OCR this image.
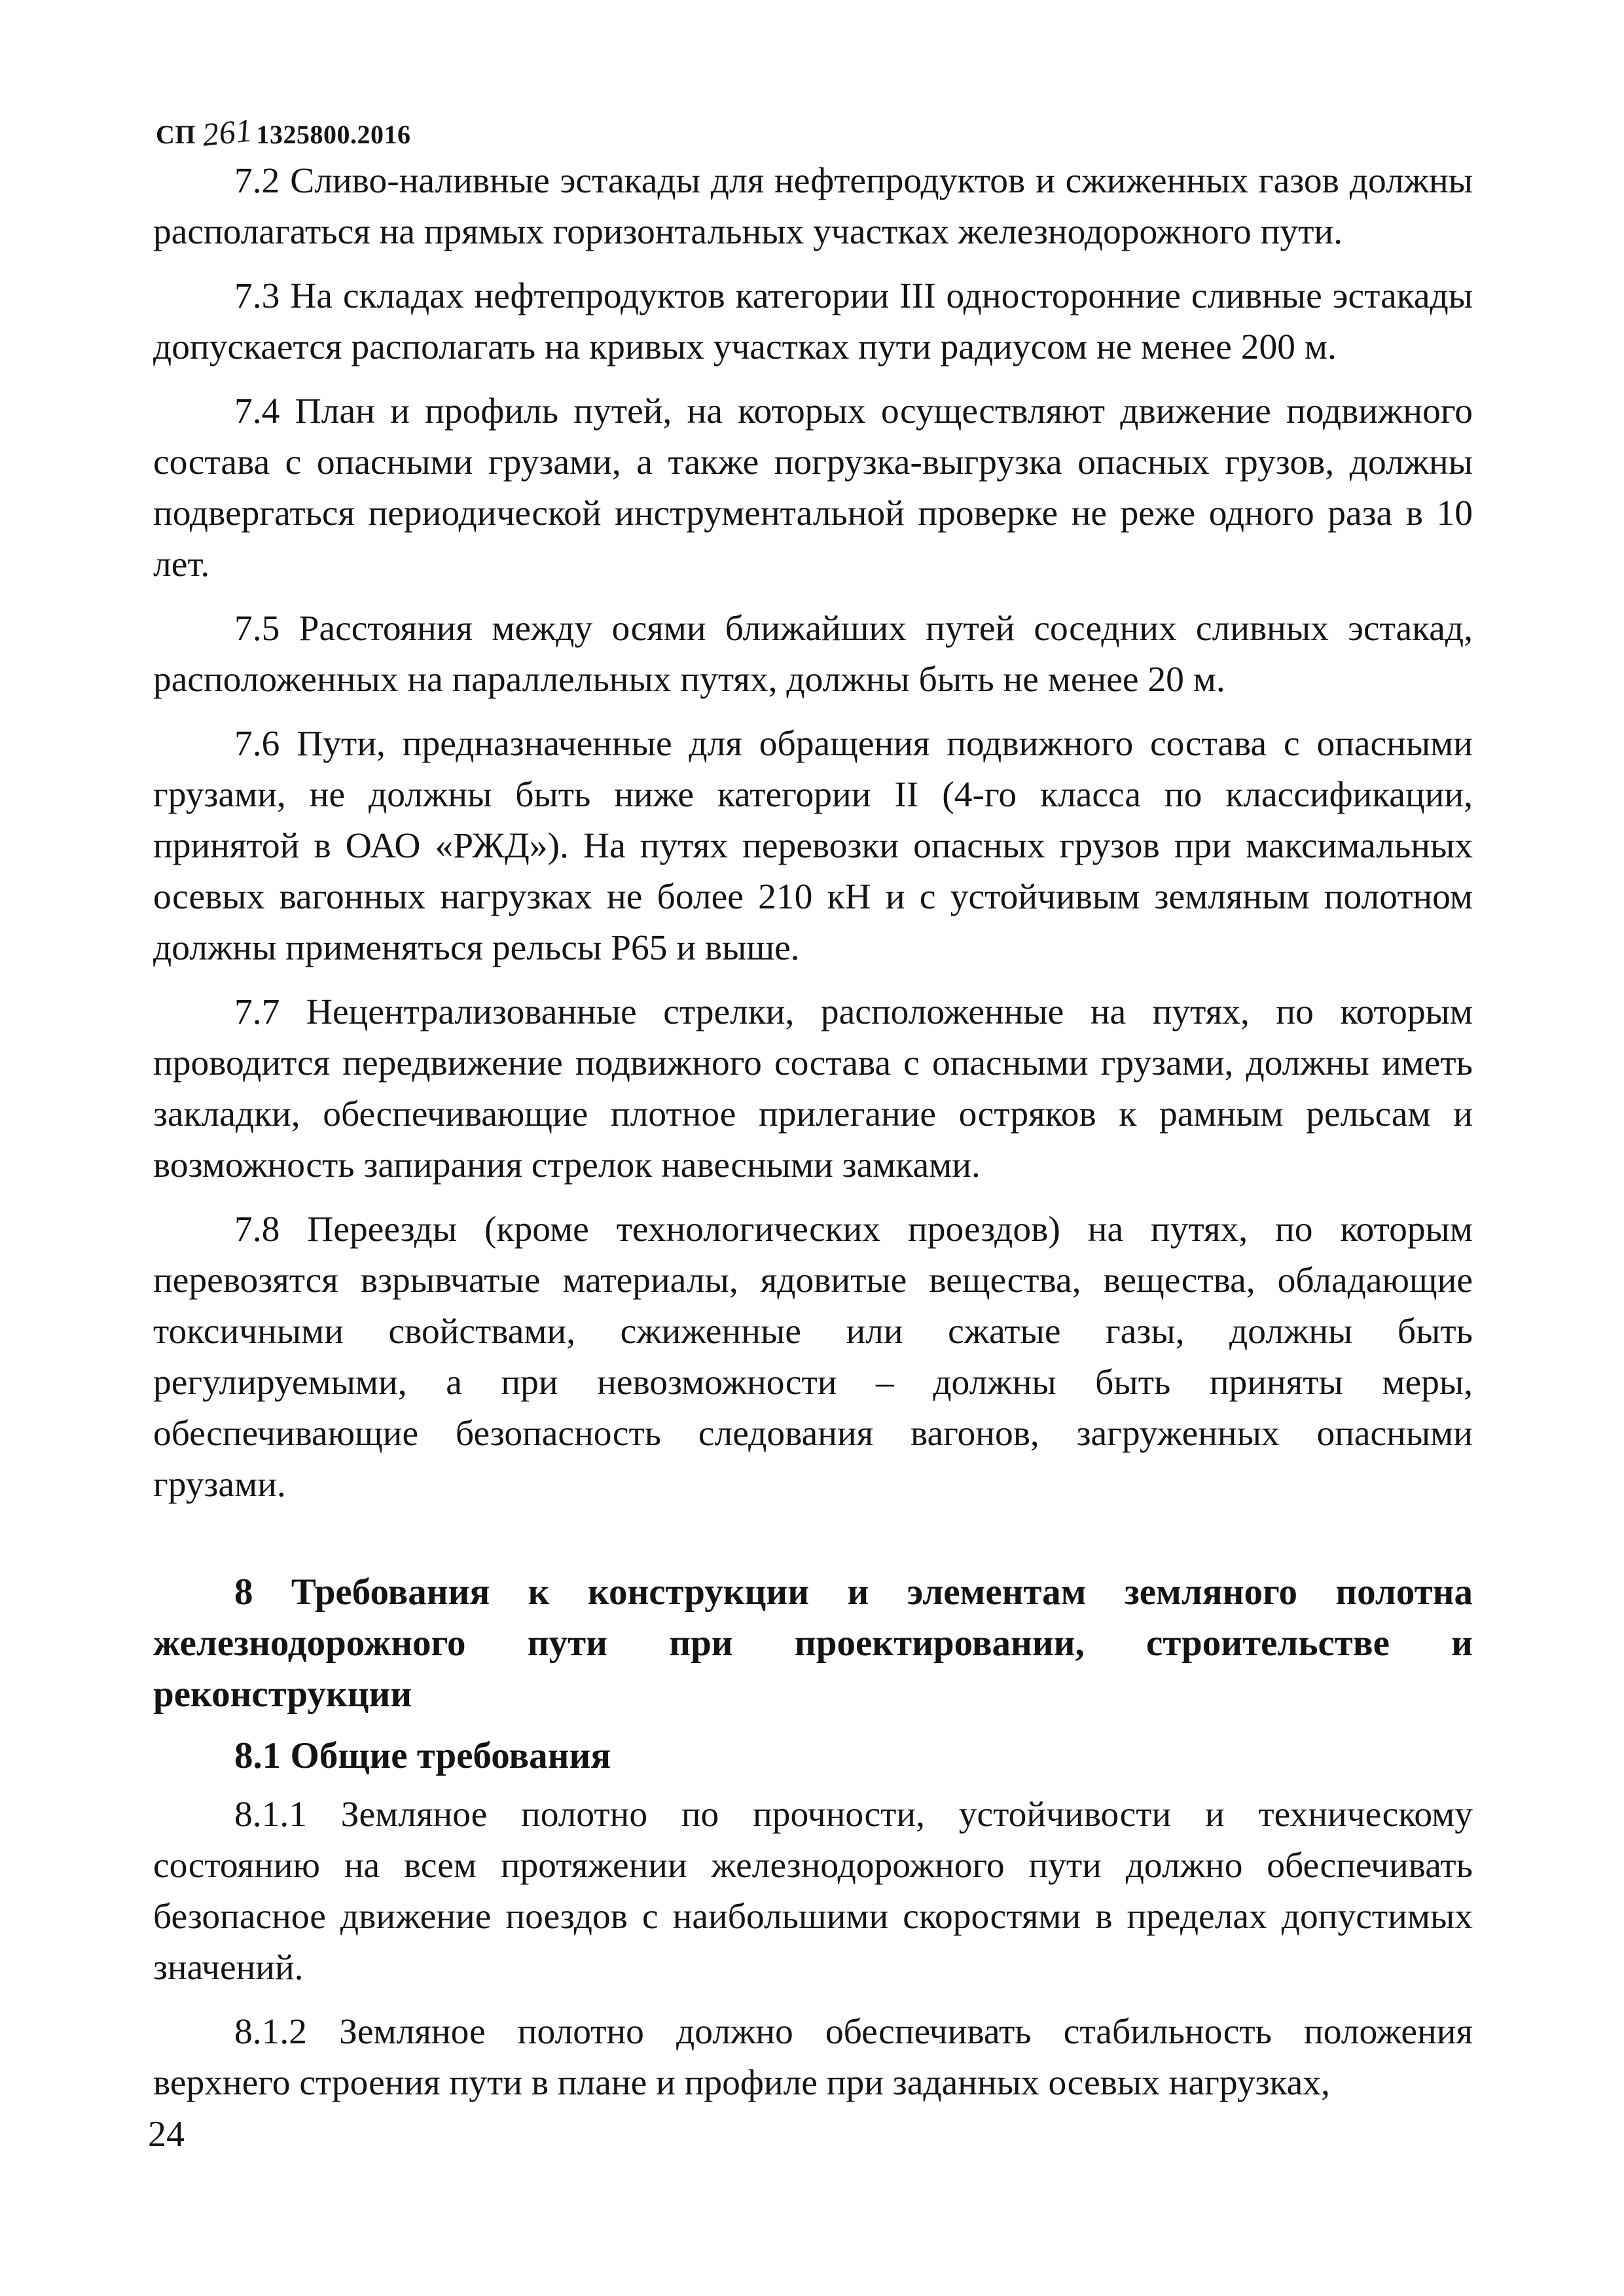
СП 2611325800.2016

7.2 Сливо-наливные эстакады для нефтепродуктов и сжиженных газов должны располагаться на прямых горизонтальных участках железнодорожного пути.

7.3 На складах нефтепродуктов категории III односторонние сливные эстакады допускается располагать на кривых участках пути радиусом не менее 200 м.

7.4 План и профиль путей, на которых осуществляют движение подвижного состава с опасными грузами, а также погрузка-выгрузка опасных грузов, должны подвергаться периодической инструментальной проверке не реже одного раза в 10 лет.

7.5 Расстояния между осями ближайших путей соседних сливных эстакад, расположенных на параллельных путях, должны быть не менее 20 м.

7.6 Пути, предназначенные для обращения подвижного состава с опасными грузами, не должны быть ниже категории II (4-го класса по классификации, принятой в ОАО «РЖД»). На путях перевозки опасных грузов при максимальных осевых вагонных нагрузках не более 210 кН и с устойчивым земляным полотном должны применяться рельсы Р65 и выше.

7.7 Нецентрализованные стрелки, расположенные на путях, по которым проводится передвижение подвижного состава с опасными грузами, должны иметь закладки, обеспечивающие плотное прилегание остряков к рамным рельсам и возможность запирания стрелок навесными замками.

7.8 Переезды (кроме технологических проездов) на путях, по которым перевозятся взрывчатые материалы, ядовитые вещества, вещества, обладающие токсичными свойствами, сжиженные или сжатые газы, должны быть регулируемыми, а при невозможности – должны быть приняты меры, обеспечивающие безопасность следования вагонов, загруженных опасными грузами.

8 Требования к конструкции и элементам земляного полотна железнодорожного пути при проектировании, строительстве и реконструкции
8.1 Общие требования

8.1.1 Земляное полотно по прочности, устойчивости и техническому состоянию на всем протяжении железнодорожного пути должно обеспечивать безопасное движение поездов с наибольшими скоростями в пределах допустимых значений.

8.1.2 Земляное полотно должно обеспечивать стабильность положения верхнего строения пути в плане и профиле при заданных осевых нагрузках,

24
